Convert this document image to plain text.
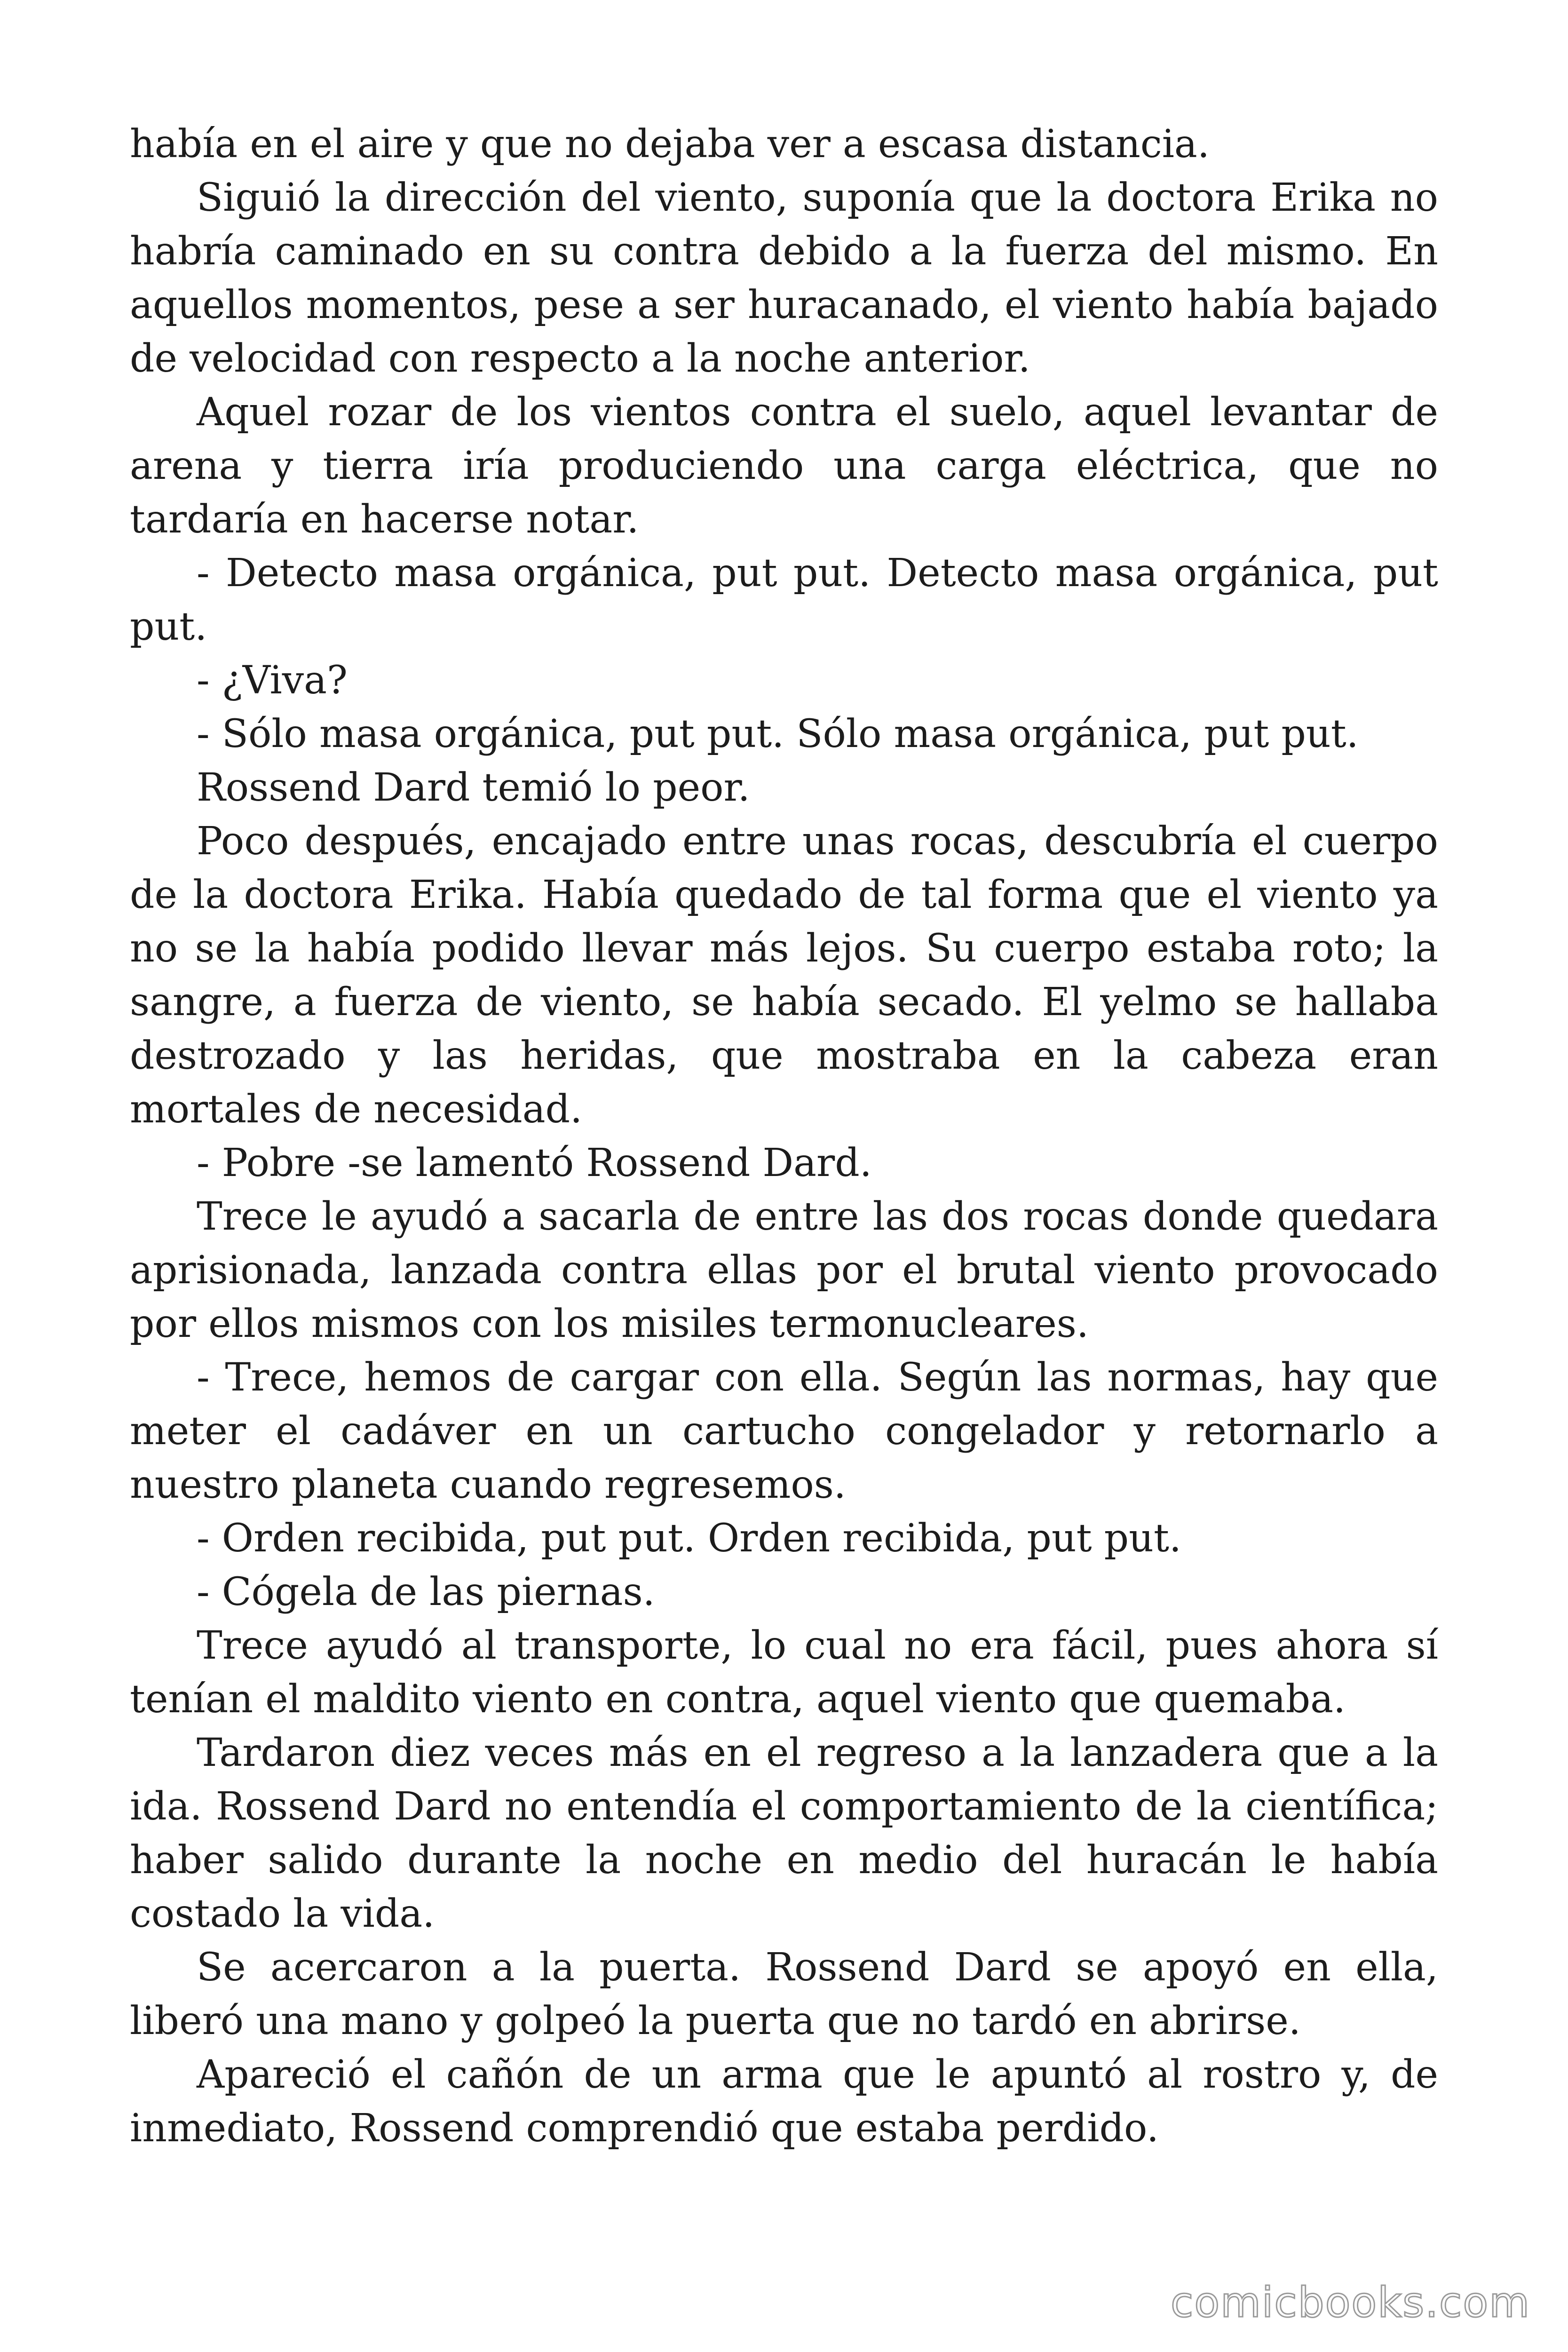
había en el aire y que no dejaba ver a escasa distancia.

Siguió la dirección del viento, suponía que la doctora Erika no habría caminado en su contra debido a la fuerza del mismo. En aquellos momentos, pese a ser huracanado, el viento había bajado de velocidad con respecto a la noche anterior.

Aquel rozar de los vientos contra el suelo, aquel levantar de arena y tierra iría produciendo una carga eléctrica, que no tardaría en hacerse notar.

- Detecto masa orgánica, put put. Detecto masa orgánica, put put.

- ¿Viva?

- Sólo masa orgánica, put put. Sólo masa orgánica, put put.

Rossend Dard temió lo peor.

Poco después, encajado entre unas rocas, descubría el cuerpo de la doctora Erika. Había quedado de tal forma que el viento ya no se la había podido llevar más lejos. Su cuerpo estaba roto; la sangre, a fuerza de viento, se había secado. El yelmo se hallaba destrozado y las heridas, que mostraba en la cabeza eran mortales de necesidad.

- Pobre -se lamentó Rossend Dard.

Trece le ayudó a sacarla de entre las dos rocas donde quedara aprisionada, lanzada contra ellas por el brutal viento provocado por ellos mismos con los misiles termonucleares.

- Trece, hemos de cargar con ella. Según las normas, hay que meter el cadáver en un cartucho congelador y retornarlo a nuestro planeta cuando regresemos.

- Orden recibida, put put. Orden recibida, put put.

- Cógela de las piernas.

Trece ayudó al transporte, lo cual no era fácil, pues ahora sí tenían el maldito viento en contra, aquel viento que quemaba.

Tardaron diez veces más en el regreso a la lanzadera que a la ida. Rossend Dard no entendía el comportamiento de la científica; haber salido durante la noche en medio del huracán le había costado la vida.

Se acercaron a la puerta. Rossend Dard se apoyó en ella, liberó una mano y golpeó la puerta que no tardó en abrirse.

Apareció el cañón de un arma que le apuntó al rostro y, de inmediato, Rossend comprendió que estaba perdido.

comicbooks.com
